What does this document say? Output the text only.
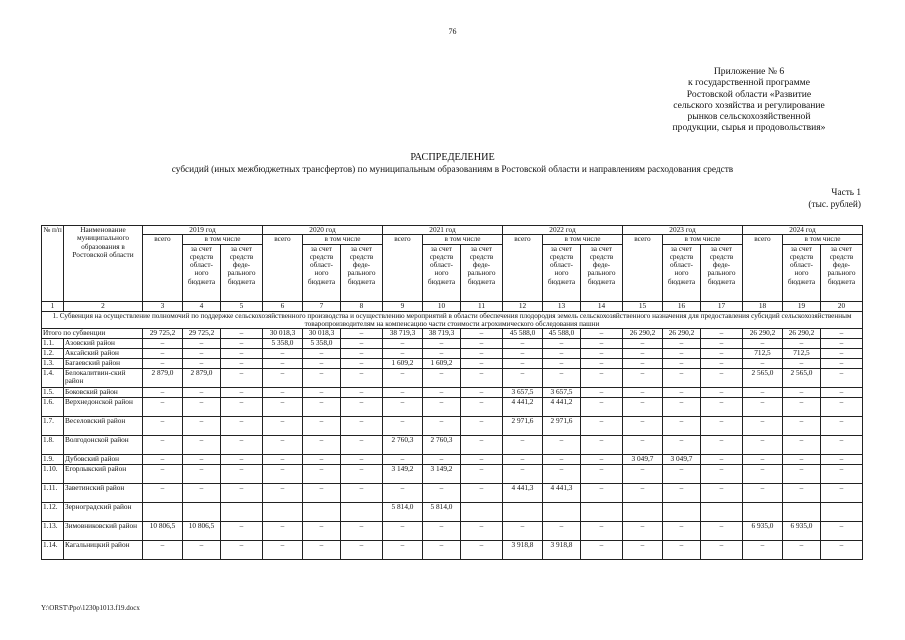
76
Приложение № 6
к государственной программе
Ростовской области «Развитие
сельского хозяйства и регулирование
рынков сельскохозяйственной
продукции, сырья и продовольствия»
РАСПРЕДЕЛЕНИЕ
субсидий (иных межбюджетных трансфертов) по муниципальным образованиям в Ростовской области и направлениям расходования средств
Часть 1
(тыс. рублей)
№ п/п	Наименование муниципального образования в Ростовской области	2019 год			2020 год			2021 год			2022 год			2023 год			2024 год		
		всего	в том числе		всего	в том числе		всего	в том числе		всего	в том числе		всего	в том числе		всего	в том числе	
			за счет средств област-ного бюджета	за счет средств феде-рального бюджета		за счет средств област-ного бюджета	за счет средств феде-рального бюджета		за счет средств област-ного бюджета	за счет средств феде-рального бюджета		за счет средств област-ного бюджета	за счет средств феде-рального бюджета		за счет средств област-ного бюджета	за счет средств феде-рального бюджета		за счет средств област-ного бюджета	за счет средств феде-рального бюджета
1	2	3	4	5	6	7	8	9	10	11	12	13	14	15	16	17	18	19	20
1. Субвенция на осуществление полномочий по поддержке сельскохозяйственного производства и осуществлению мероприятий в области обеспечения плодородия земель сельскохозяйственного назначения для предоставления субсидий сельскохозяйственным товаропроизводителям на компенсацию части стоимости агрохимического обследования пашни																			
Итого по субвенции		29 725,2	29 725,2	–	30 018,3	30 018,3	–	38 719,3	38 719,3	–	45 588,0	45 588,0	–	26 290,2	26 290,2	–	26 290,2	26 290,2	–
1.1.	Азовский район	–	–	–	5 358,0	5 358,0	–	–	–	–	–	–	–	–	–	–	–	–	–
1.2.	Аксайский район	–	–	–	–	–	–	–	–	–	–	–	–	–	–	–	712,5	712,5	–
1.3.	Багаевский район	–	–	–	–	–	–	1 609,2	1 609,2	–	–	–	–	–	–	–	–	–	–
1.4.	Белокалитвин-ский район	2 879,0	2 879,0	–	–	–	–	–	–	–	–	–	–	–	–	–	2 565,0	2 565,0	–
1.5.	Боковский район	–	–	–	–	–	–	–	–	–	3 657,5	3 657,5	–	–	–	–	–	–	–
1.6.	Верхнедонской район	–	–	–	–	–	–	–	–	–	4 441,2	4 441,2	–	–	–	–	–	–	–
1.7.	Веселовский район	–	–	–	–	–	–	–	–	–	2 971,6	2 971,6	–	–	–	–	–	–	–
1.8.	Волгодонской район	–	–	–	–	–	–	2 760,3	2 760,3	–	–	–	–	–	–	–	–	–	–
1.9.	Дубовский район	–	–	–	–	–	–	–	–	–	–	–	–	3 049,7	3 049,7	–	–	–	–
1.10.	Егорлыкский район	–	–	–	–	–	–	3 149,2	3 149,2	–	–	–	–	–	–	–	–	–	–
1.11.	Заветинский район	–	–	–	–	–	–	–	–	–	4 441,3	4 441,3	–	–	–	–	–	–	–
1.12.	Зерноградский район							5 814,0	5 814,0										
1.13.	Зимовниковский район	10 806,5	10 806,5	–	–	–	–	–	–	–	–	–	–	–	–	–	6 935,0	6 935,0	–
1.14.	Кагальницкий район	–	–	–	–	–	–	–	–	–	3 918,8	3 918,8	–	–	–	–	–	–	–
Y:\ORST\Ppo\1230p1013.f19.docx
